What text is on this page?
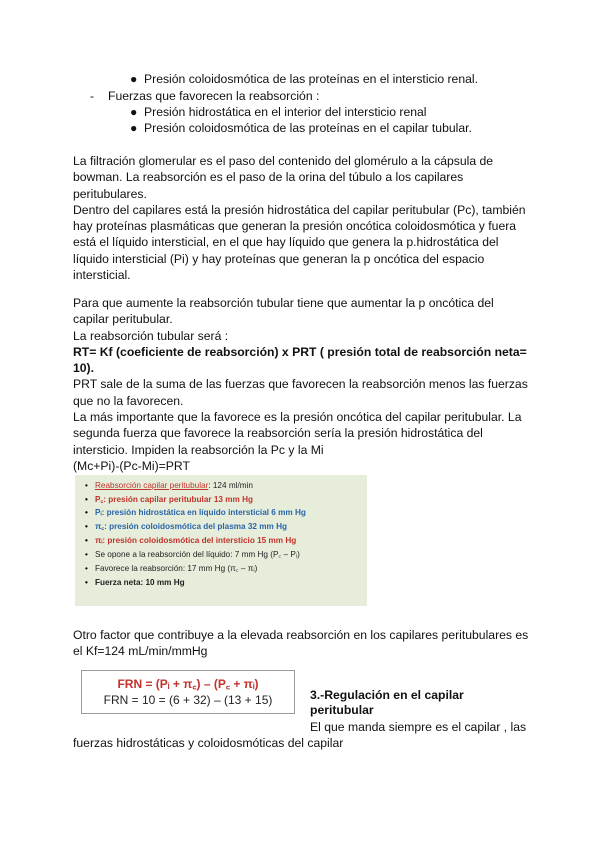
● Presión coloidosmótica de las proteínas en el intersticio renal.
- Fuerzas que favorecen la reabsorción :
● Presión hidrostática en el interior del intersticio renal
● Presión coloidosmótica de las proteínas en el capilar tubular.
La filtración glomerular es el paso del contenido del glomérulo a la cápsula de
bowman. La reabsorción es el paso de la orina del túbulo a los capilares
peritubulares.
Dentro del capilares está la presión hidrostática del capilar peritubular (Pc), también
hay proteínas plasmáticas que generan la presión oncótica coloidosmótica y fuera
está el líquido intersticial, en el que hay líquido que genera la p.hidrostática del
líquido intersticial (Pi) y hay proteínas que generan la p oncótica del espacio
intersticial.
Para que aumente la reabsorción tubular tiene que aumentar la p oncótica del
capilar peritubular.
La reabsorción tubular será :
RT= Kf (coeficiente de reabsorción) x PRT ( presión total de reabsorción neta=
10).
PRT sale de la suma de las fuerzas que favorecen la reabsorción menos las fuerzas
que no la favorecen.
La más importante que la favorece es la presión oncótica del capilar peritubular. La
segunda fuerza que favorece la reabsorción sería la presión hidrostática del
intersticio. Impiden la reabsorción la Pc y la Mi
(Mc+Pi)-(Pc-Mi)=PRT
• Reabsorción capilar peritubular: 124 ml/min
• P꜀: presión capilar peritubular 13 mm Hg
• Pᵢ: presión hidrostática en líquido intersticial 6 mm Hg
• π꜀: presión coloidosmótica del plasma 32 mm Hg
• πᵢ: presión coloidosmótica del intersticio 15 mm Hg
• Se opone a la reabsorción del líquido: 7 mm Hg (P꜀ – Pᵢ)
• Favorece la reabsorción: 17 mm Hg (π꜀ – πᵢ)
• Fuerza neta: 10 mm Hg
Otro factor que contribuye a la elevada reabsorción en los capilares peritubulares es
el Kf=124 mL/min/mmHg
FRN = (Pᵢ + π꜀) – (P꜀ + πᵢ)
FRN = 10 = (6 + 32) – (13 + 15)	3.-Regulación en el capilar
peritubular
El que manda siempre es el capilar , las
fuerzas hidrostáticas y coloidosmóticas del capilar
